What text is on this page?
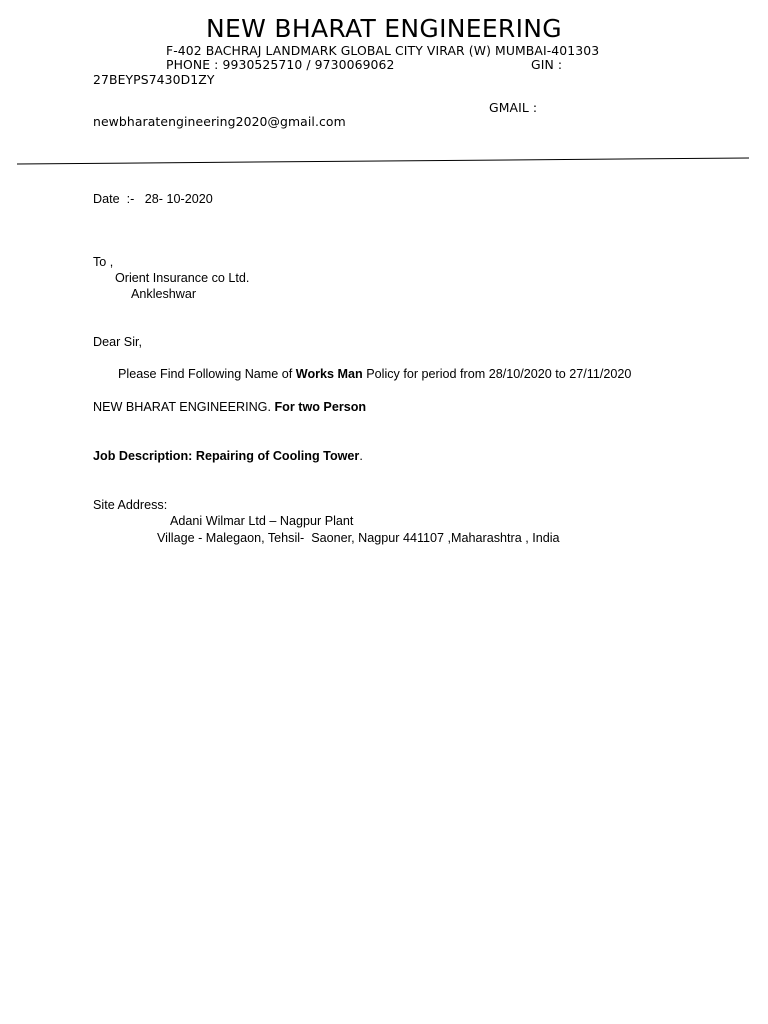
NEW BHARAT ENGINEERING
F-402 BACHRAJ LANDMARK GLOBAL CITY VIRAR (W) MUMBAI-401303
PHONE : 9930525710 / 9730069062	GIN :
27BEYPS7430D1ZY
GMAIL :
newbharatengineering2020@gmail.com
Date  :- 28- 10-2020
To ,
Orient Insurance co Ltd.
Ankleshwar
Dear Sir,
Please Find Following Name of Works Man Policy for period from 28/10/2020 to 27/11/2020
NEW BHARAT ENGINEERING. For two Person
Job Description: Repairing of Cooling Tower.
Site Address:
Adani Wilmar Ltd – Nagpur Plant
Village - Malegaon, Tehsil-  Saoner, Nagpur 441107 ,Maharashtra , India
